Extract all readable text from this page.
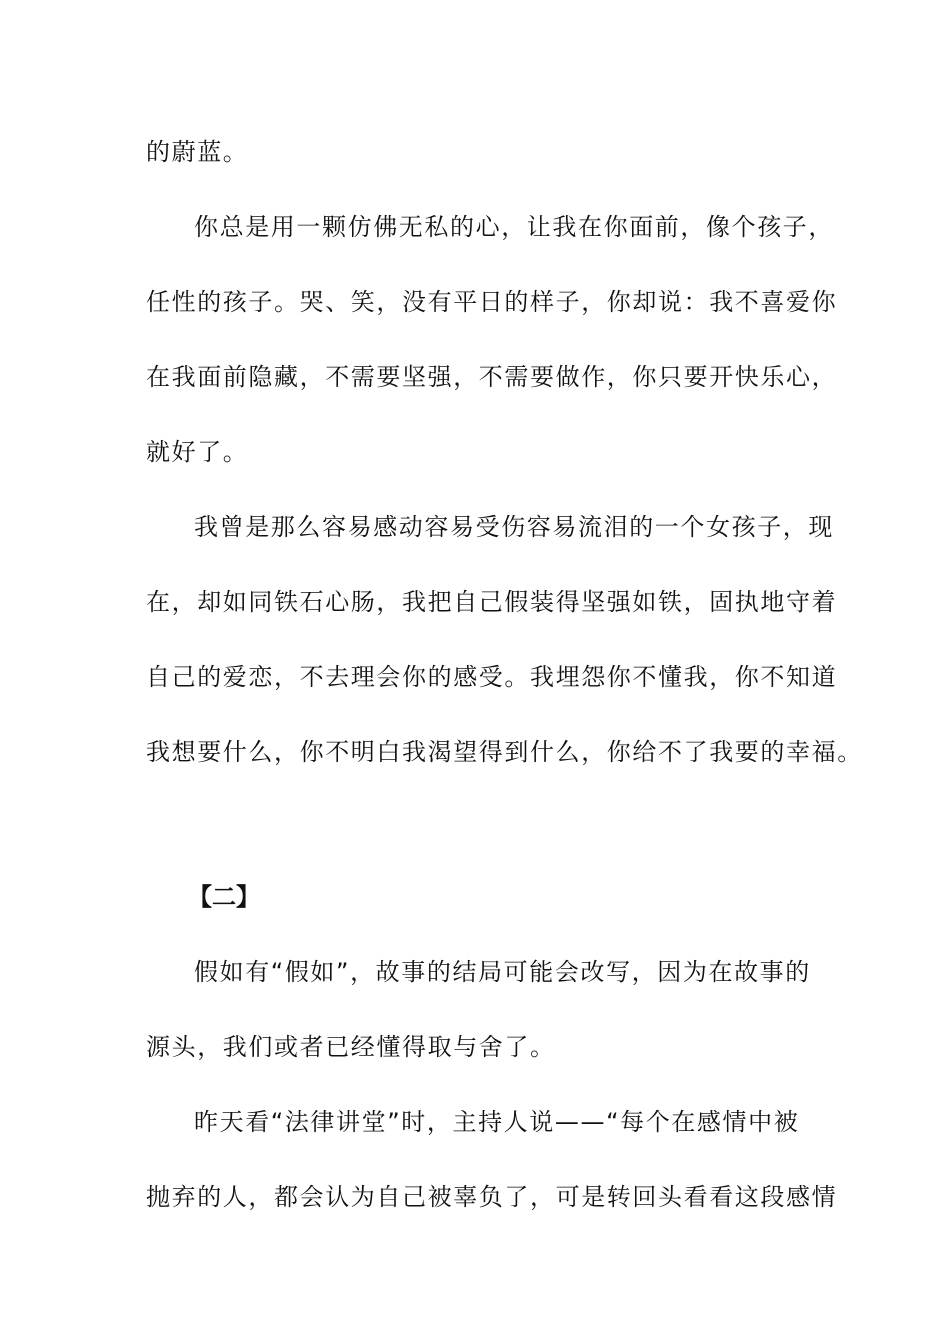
的蔚蓝。
你总是用一颗仿佛无私的心，让我在你面前，像个孩子，
任性的孩子。哭、笑，没有平日的样子，你却说：我不喜爱你
在我面前隐藏，不需要坚强，不需要做作，你只要开快乐心，
就好了。
我曾是那么容易感动容易受伤容易流泪的一个女孩子，现
在，却如同铁石心肠，我把自己假装得坚强如铁，固执地守着
自己的爱恋，不去理会你的感受。我埋怨你不懂我，你不知道
我想要什么，你不明白我渴望得到什么，你给不了我要的幸福。
【二】
假如有“假如”，故事的结局可能会改写，因为在故事的
源头，我们或者已经懂得取与舍了。
昨天看“法律讲堂”时，主持人说——“每个在感情中被
抛弃的人，都会认为自己被辜负了，可是转回头看看这段感情
